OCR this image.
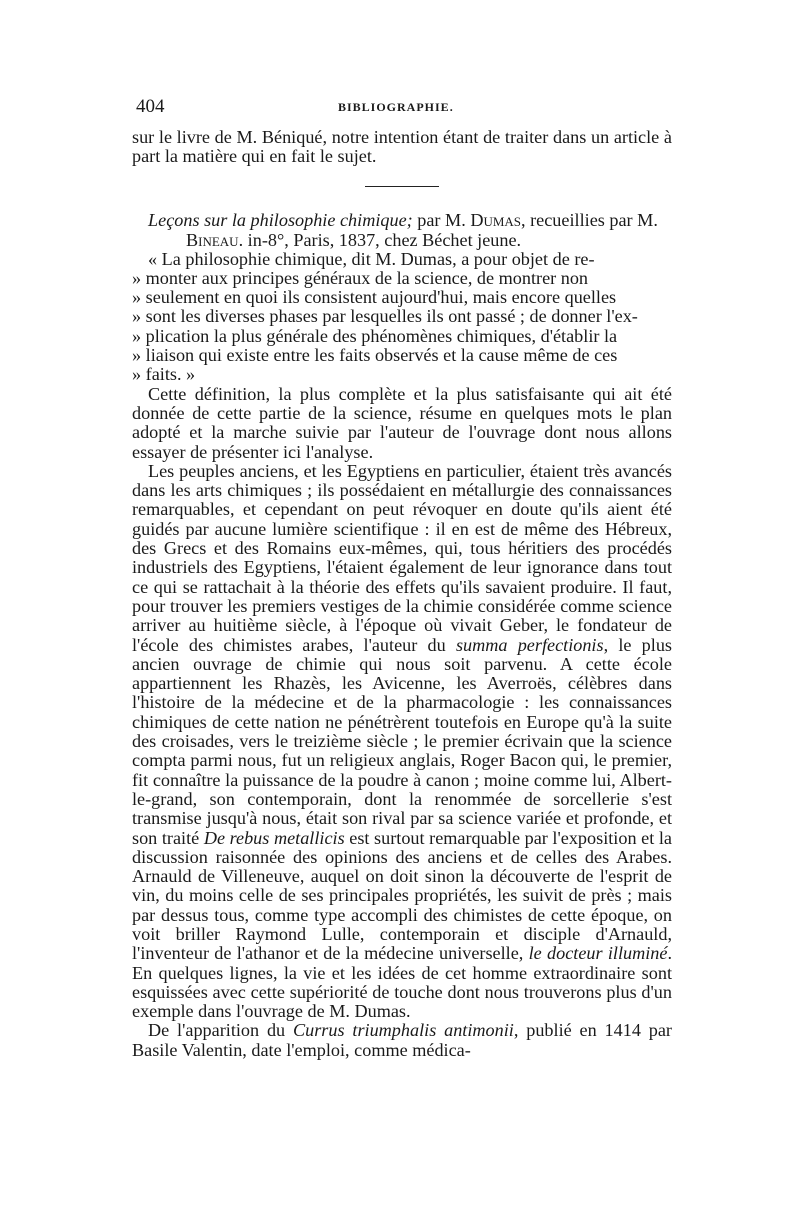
404	BIBLIOGRAPHIE.

sur le livre de M. Béniqué, notre intention étant de traiter dans un article à part la matière qui en fait le sujet.

Leçons sur la philosophie chimique; par M. Dumas, recueillies par M. Bineau. in-8°, Paris, 1837, chez Béchet jeune.

« La philosophie chimique, dit M. Dumas, a pour objet de re-
» monter aux principes généraux de la science, de montrer non
» seulement en quoi ils consistent aujourd'hui, mais encore quelles
» sont les diverses phases par lesquelles ils ont passé ; de donner l'ex-
» plication la plus générale des phénomènes chimiques, d'établir la
» liaison qui existe entre les faits observés et la cause même de ces
» faits. »

Cette définition, la plus complète et la plus satisfaisante qui ait été donnée de cette partie de la science, résume en quelques mots le plan adopté et la marche suivie par l'auteur de l'ouvrage dont nous allons essayer de présenter ici l'analyse.

Les peuples anciens, et les Egyptiens en particulier, étaient très avancés dans les arts chimiques ; ils possédaient en métallurgie des connaissances remarquables, et cependant on peut révoquer en doute qu'ils aient été guidés par aucune lumière scientifique : il en est de même des Hébreux, des Grecs et des Romains eux-mêmes, qui, tous héritiers des procédés industriels des Egyptiens, l'étaient également de leur ignorance dans tout ce qui se rattachait à la théorie des effets qu'ils savaient produire. Il faut, pour trouver les premiers vestiges de la chimie considérée comme science arriver au huitième siècle, à l'époque où vivait Geber, le fondateur de l'école des chimistes arabes, l'auteur du summa perfectionis, le plus ancien ouvrage de chimie qui nous soit parvenu. A cette école appartiennent les Rhazès, les Avicenne, les Averroës, célèbres dans l'histoire de la médecine et de la pharmacologie : les connaissances chimiques de cette nation ne pénétrèrent toutefois en Europe qu'à la suite des croisades, vers le treizième siècle ; le premier écrivain que la science compta parmi nous, fut un religieux anglais, Roger Bacon qui, le premier, fit connaître la puissance de la poudre à canon ; moine comme lui, Albert-le-grand, son contemporain, dont la renommée de sorcellerie s'est transmise jusqu'à nous, était son rival par sa science variée et profonde, et son traité De rebus metallicis est surtout remarquable par l'exposition et la discussion raisonnée des opinions des anciens et de celles des Arabes. Arnauld de Villeneuve, auquel on doit sinon la découverte de l'esprit de vin, du moins celle de ses principales propriétés, les suivit de près ; mais par dessus tous, comme type accompli des chimistes de cette époque, on voit briller Raymond Lulle, contemporain et disciple d'Arnauld, l'inventeur de l'athanor et de la médecine universelle, le docteur illuminé. En quelques lignes, la vie et les idées de cet homme extraordinaire sont esquissées avec cette supériorité de touche dont nous trouverons plus d'un exemple dans l'ouvrage de M. Dumas.

De l'apparition du Currus triumphalis antimonii, publié en 1414 par Basile Valentin, date l'emploi, comme médica-
